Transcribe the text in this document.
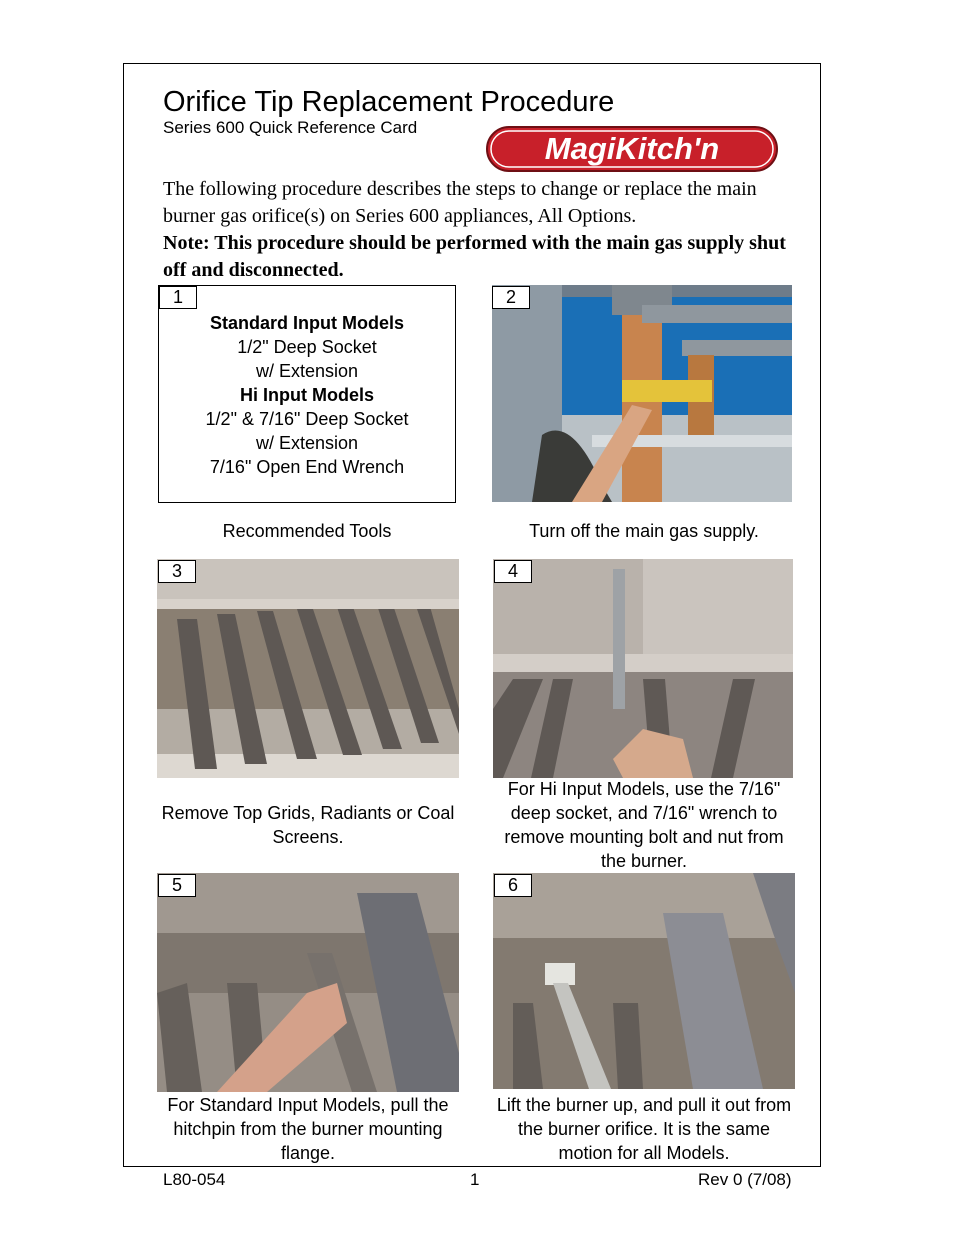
Orifice Tip Replacement Procedure
Series 600 Quick Reference Card
MagiKitch'n

The following procedure describes the steps to change or replace the main burner gas orifice(s) on Series 600 appliances, All Options.

Note: This procedure should be performed with the main gas supply shut off and disconnected.

Standard Input Models
1/2" Deep Socket
w/ Extension
Hi Input Models
1/2" & 7/16" Deep Socket
w/ Extension
7/16" Open End Wrench
1
Recommended Tools
2
Turn off the main gas supply.
3
Remove Top Grids, Radiants or Coal Screens.
4
For Hi Input Models, use the 7/16" deep socket, and 7/16" wrench to remove mounting bolt and nut from the burner.
5
For Standard Input Models, pull the hitchpin from the burner mounting flange.
6
Lift the burner up, and pull it out from the burner orifice. It is the same motion for all Models.
L80-054	1	Rev 0 (7/08)
